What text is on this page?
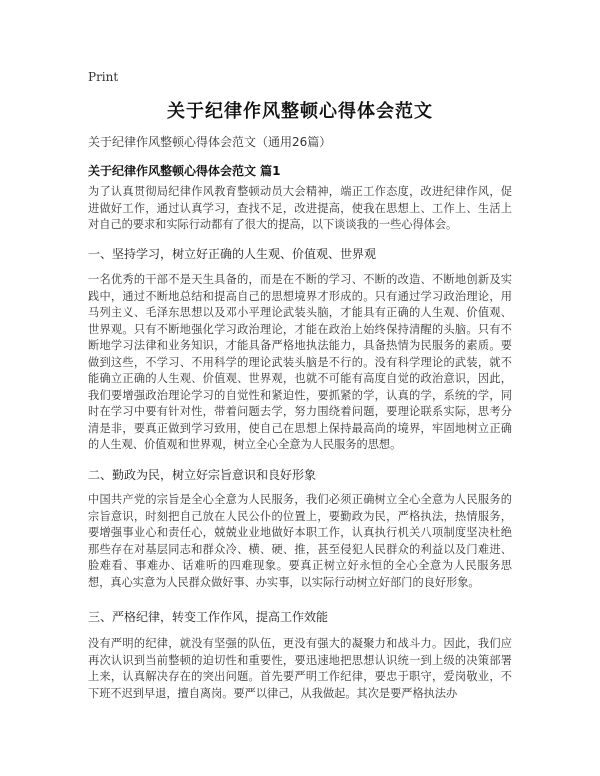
Print
关于纪律作风整顿心得体会范文
关于纪律作风整顿心得体会范文（通用26篇）
关于纪律作风整顿心得体会范文 篇1
为了认真贯彻局纪律作风教育整顿动员大会精神，端正工作态度，改进纪律作风，促进做好工作，通过认真学习，查找不足，改进提高，使我在思想上、工作上、生活上对自己的要求和实际行动都有了很大的提高，以下谈谈我的一些心得体会。
一、坚持学习，树立好正确的人生观、价值观、世界观
一名优秀的干部不是天生具备的，而是在不断的学习、不断的改造、不断地创新及实践中，通过不断地总结和提高自己的思想境界才形成的。只有通过学习政治理论，用马列主义、毛泽东思想以及邓小平理论武装头脑，才能具有正确的人生观、价值观、世界观。只有不断地强化学习政治理论，才能在政治上始终保持清醒的头脑。只有不断地学习法律和业务知识，才能具备严格地执法能力，具备热情为民服务的素质。要做到这些，不学习、不用科学的理论武装头脑是不行的。没有科学理论的武装，就不能确立正确的人生观、价值观、世界观，也就不可能有高度自觉的政治意识，因此，我们要增强政治理论学习的自觉性和紧迫性，要抓紧的学，认真的学，系统的学，同时在学习中要有针对性，带着问题去学，努力围绕着问题，要理论联系实际，思考分清是非，要真正做到学习致用，使自己在思想上保持最高尚的境界，牢固地树立正确的人生观、价值观和世界观，树立全心全意为人民服务的思想。
二、勤政为民，树立好宗旨意识和良好形象
中国共产党的宗旨是全心全意为人民服务，我们必须正确树立全心全意为人民服务的宗旨意识，时刻把自己放在人民公仆的位置上，要勤政为民，严格执法，热情服务，要增强事业心和责任心，兢兢业业地做好本职工作，认真执行机关八项制度坚决杜绝那些存在对基层同志和群众冷、横、硬、推，甚至侵犯人民群众的利益以及门难进、脸难看、事难办、话难听的四难现象。要真正树立好永恒的全心全意为人民服务思想，真心实意为人民群众做好事、办实事，以实际行动树立好部门的良好形象。
三、严格纪律，转变工作作风，提高工作效能
没有严明的纪律，就没有坚强的队伍，更没有强大的凝聚力和战斗力。因此，我们应再次认识到当前整顿的迫切性和重要性，要迅速地把思想认识统一到上级的决策部署上来，认真解决存在的突出问题。首先要严明工作纪律，要忠于职守，爱岗敬业，不下班不迟到早退，擅自离岗。要严以律己，从我做起。其次是要严格执法办
